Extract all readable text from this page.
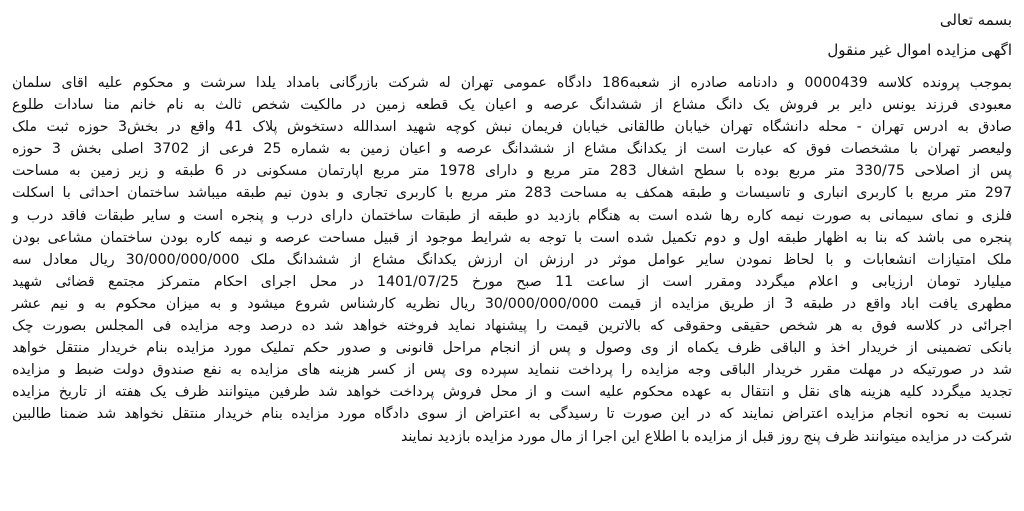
بسمه تعالی
اگهی مزایده اموال غیر منقول
بموجب پرونده کلاسه 0000439 و دادنامه صادره از شعبه186 دادگاه عمومی تهران له شرکت بازرگانی بامداد یلدا سرشت و محکوم علیه اقای سلمان
معبودی فرزند یونس دایر بر فروش یک دانگ مشاع از ششدانگ عرصه و اعیان یک قطعه زمین در مالکیت شخص ثالث به نام خانم منا سادات طلوع
صادق به ادرس تهران - محله دانشگاه تهران خیابان طالقانی خیابان فریمان نبش کوچه شهید اسدالله دستخوش پلاک 41 واقع در بخش3 حوزه ثبت ملک
ولیعصر تهران با مشخصات فوق که عبارت است از یکدانگ مشاع از ششدانگ عرصه و اعیان زمین به شماره 25 فرعی از 3702 اصلی بخش 3 حوزه
پس از اصلاحی 330/75 متر مربع بوده با سطح اشغال 283 متر مربع و دارای 1978 متر مربع اپارتمان مسکونی در 6 طبقه و زیر زمین به مساحت
297 متر مربع با کاربری انباری و تاسیسات و طبقه همکف به مساحت 283 متر مربع با کاربری تجاری و بدون نیم طبقه میباشد ساختمان احداثی با اسکلت
فلزی و نمای سیمانی به صورت نیمه کاره رها شده است به هنگام بازدید دو طبقه از طبقات ساختمان دارای درب و پنجره است و سایر طبقات فاقد درب و
پنجره می باشد که بنا به اظهار طبقه اول و دوم تکمیل شده است با توجه به شرایط موجود از قبیل مساحت عرصه و نیمه کاره بودن ساختمان مشاعی بودن
ملک امتیازات انشعابات و با لحاظ نمودن سایر عوامل موثر در ارزش ان ارزش یکدانگ مشاع از ششدانگ ملک 30/000/000/000 ریال معادل سه
میلیارد تومان ارزیابی و اعلام میگردد ومقرر است از ساعت 11 صبح مورخ 1401/07/25 در محل اجرای احکام متمرکز مجتمع قضائی شهید
مطهری یافت اباد واقع در طبقه 3 از طریق مزایده از قیمت 30/000/000/000 ریال نظریه کارشناس شروع میشود و به میزان محکوم به و نیم عشر
اجرائی در کلاسه فوق به هر شخص حقیقی وحقوقی که بالاترین قیمت را پیشنهاد نماید فروخته خواهد شد ده درصد وجه مزایده فی المجلس بصورت چک
بانکی تضمینی از خریدار اخذ و الباقی ظرف یکماه از وی وصول و پس از انجام مراحل قانونی و صدور حکم تملیک مورد مزایده بنام خریدار منتقل خواهد
شد در صورتیکه در مهلت مقرر خریدار الباقی وجه مزایده را پرداخت ننماید سپرده وی پس از کسر هزینه های مزایده به نفع صندوق دولت ضبط و مزایده
تجدید میگردد کلیه هزینه های نقل و انتقال به عهده محکوم علیه است و از محل فروش پرداخت خواهد شد طرفین میتوانند ظرف یک هفته از تاریخ مزایده
نسبت به نحوه انجام مزایده اعتراض نمایند که در این صورت تا رسیدگی به اعتراض از سوی دادگاه مورد مزایده بنام خریدار منتقل نخواهد شد ضمنا طالبین
شرکت در مزایده میتوانند ظرف پنج روز قبل از مزایده با اطلاع این اجرا از مال مورد مزایده بازدید نمایند
